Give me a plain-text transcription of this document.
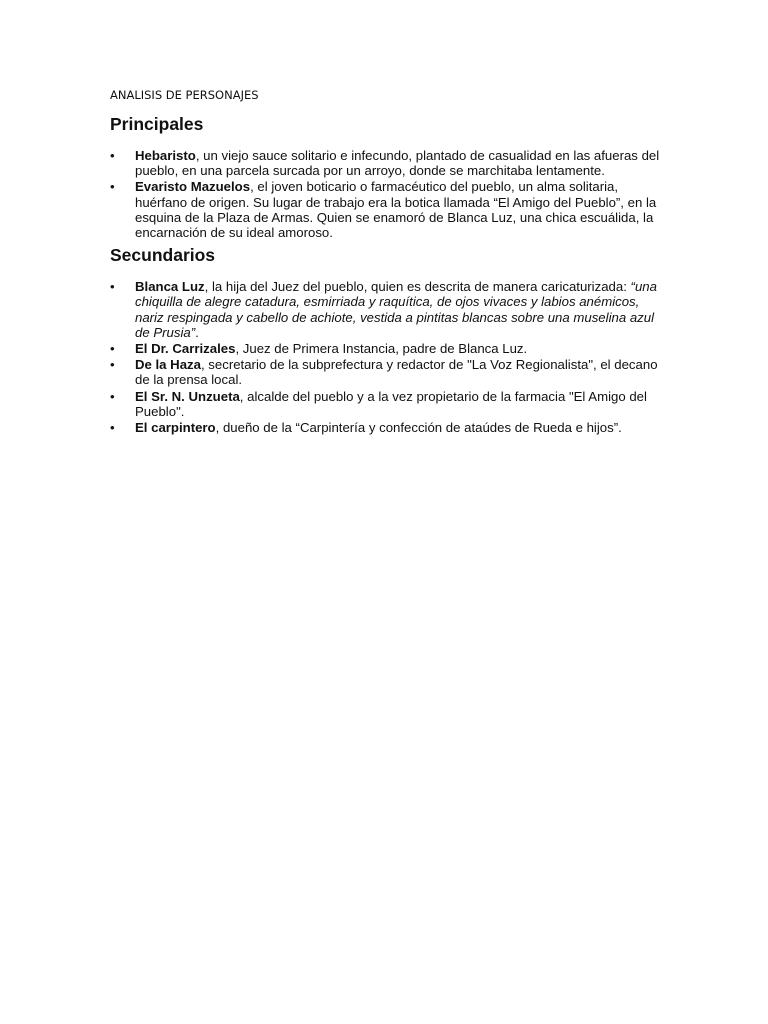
ANALISIS DE PERSONAJES
Principales
•	Hebaristo, un viejo sauce solitario e infecundo, plantado de casualidad en las afueras del pueblo, en una parcela surcada por un arroyo, donde se marchitaba lentamente.
•	Evaristo Mazuelos, el joven boticario o farmacéutico del pueblo, un alma solitaria, huérfano de origen. Su lugar de trabajo era la botica llamada “El Amigo del Pueblo”, en la esquina de la Plaza de Armas. Quien se enamoró de Blanca Luz, una chica escuálida, la encarnación de su ideal amoroso.
Secundarios
•	Blanca Luz, la hija del Juez del pueblo, quien es descrita de manera caricaturizada: “una chiquilla de alegre catadura, esmirriada y raquítica, de ojos vivaces y labios anémicos, nariz respingada y cabello de achiote, vestida a pintitas blancas sobre una muselina azul de Prusia”.
•	El Dr. Carrizales, Juez de Primera Instancia, padre de Blanca Luz.
•	De la Haza, secretario de la subprefectura y redactor de "La Voz Regionalista", el decano de la prensa local.
•	El Sr. N. Unzueta, alcalde del pueblo y a la vez propietario de la farmacia "El Amigo del Pueblo".
•	El carpintero, dueño de la “Carpintería y confección de ataúdes de Rueda e hijos”.
